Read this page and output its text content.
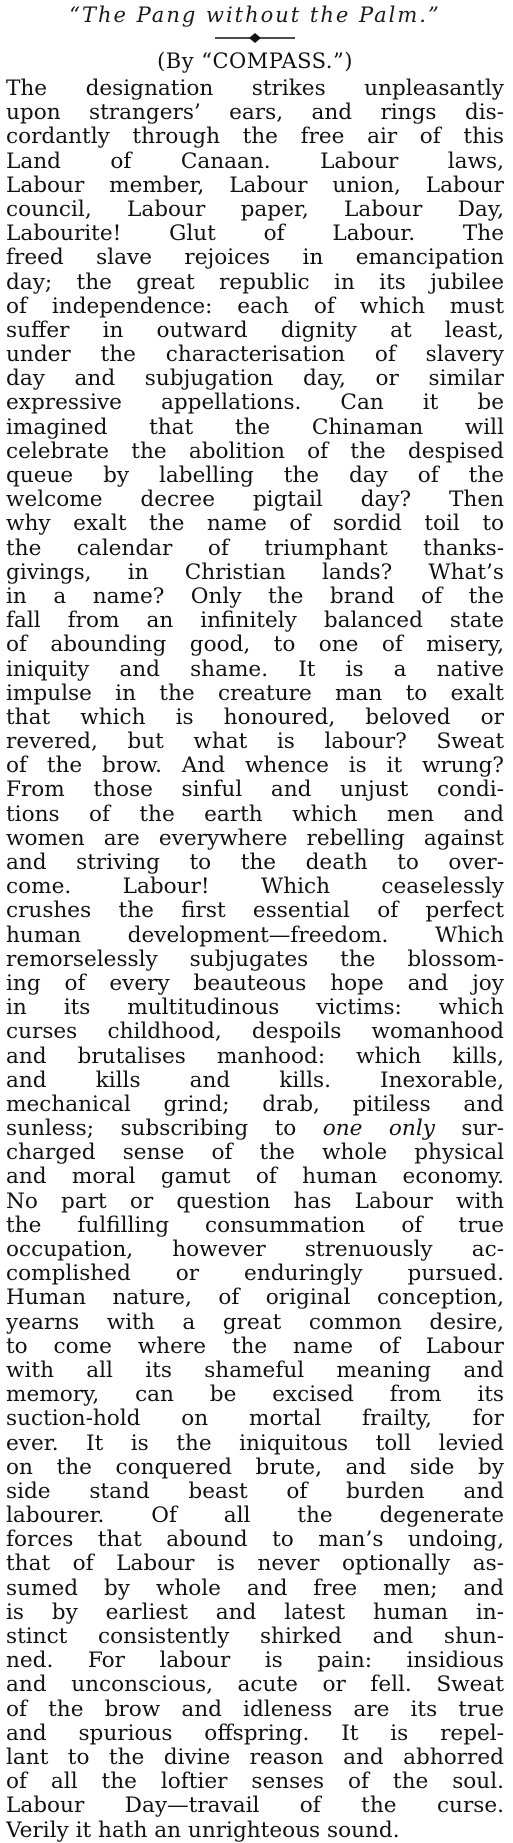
“The Pang without the Palm.”

(By “COMPASS.”)

The designation strikes unpleasantly
upon strangers’ ears, and rings dis-
cordantly through the free air of this
Land of Canaan. Labour laws,
Labour member, Labour union, Labour
council, Labour paper, Labour Day,
Labourite! Glut of Labour. The
freed slave rejoices in emancipation
day; the great republic in its jubilee
of independence: each of which must
suffer in outward dignity at least,
under the characterisation of slavery
day and subjugation day, or similar
expressive appellations. Can it be
imagined that the Chinaman will
celebrate the abolition of the despised
queue by labelling the day of the
welcome decree pigtail day? Then
why exalt the name of sordid toil to
the calendar of triumphant thanks-
givings, in Christian lands? What’s
in a name? Only the brand of the
fall from an infinitely balanced state
of abounding good, to one of misery,
iniquity and shame. It is a native
impulse in the creature man to exalt
that which is honoured, beloved or
revered, but what is labour? Sweat
of the brow. And whence is it wrung?
From those sinful and unjust condi-
tions of the earth which men and
women are everywhere rebelling against
and striving to the death to over-
come. Labour! Which ceaselessly
crushes the first essential of perfect
human development—freedom. Which
remorselessly subjugates the blossom-
ing of every beauteous hope and joy
in its multitudinous victims: which
curses childhood, despoils womanhood
and brutalises manhood: which kills,
and kills and kills. Inexorable,
mechanical grind; drab, pitiless and
sunless; subscribing to one only sur-
charged sense of the whole physical
and moral gamut of human economy.
No part or question has Labour with
the fulfilling consummation of true
occupation, however strenuously ac-
complished or enduringly pursued.
Human nature, of original conception,
yearns with a great common desire,
to come where the name of Labour
with all its shameful meaning and
memory, can be excised from its
suction-hold on mortal frailty, for
ever. It is the iniquitous toll levied
on the conquered brute, and side by
side stand beast of burden and
labourer. Of all the degenerate
forces that abound to man’s undoing,
that of Labour is never optionally as-
sumed by whole and free men; and
is by earliest and latest human in-
stinct consistently shirked and shun-
ned. For labour is pain: insidious
and unconscious, acute or fell. Sweat
of the brow and idleness are its true
and spurious offspring. It is repel-
lant to the divine reason and abhorred
of all the loftier senses of the soul.
Labour Day—travail of the curse.
Verily it hath an unrighteous sound.
